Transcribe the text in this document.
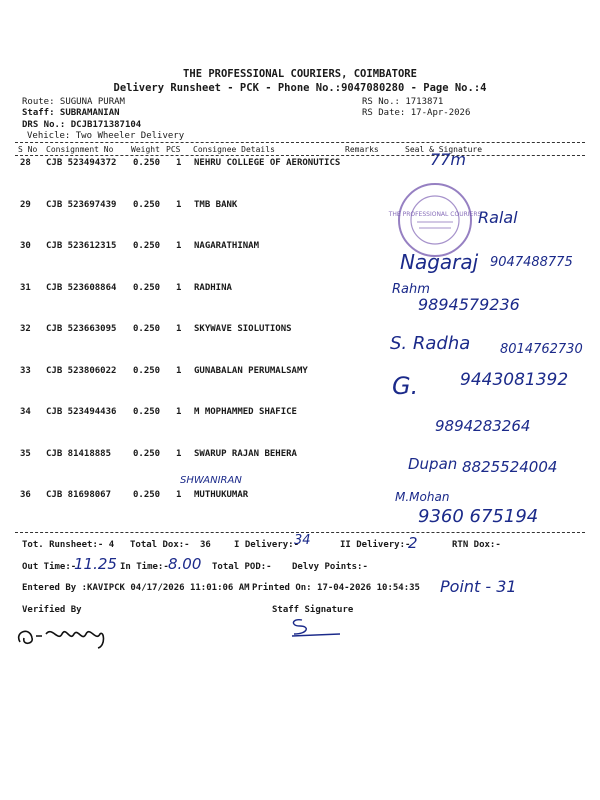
THE PROFESSIONAL COURIERS, COIMBATORE
Delivery Runsheet - PCK - Phone No.:9047080280 - Page No.:4
Route: SUGUNA PURAM
Staff: SUBRAMANIAN
DRS No.: DCJB171387104
Vehicle: Two Wheeler Delivery
RS No.: 1713871
RS Date: 17-Apr-2026
S No Consignment No Weight PCS Consignee Details	Remarks	Seal & Signature
28 CJB 523494372 0.250 1 NEHRU COLLEGE OF AERONUTICS
29 CJB 523697439 0.250 1 TMB BANK
30 CJB 523612315 0.250 1 NAGARATHINAM
31 CJB 523608864 0.250 1 RADHINA
32 CJB 523663095 0.250 1 SKYWAVE SIOLUTIONS
33 CJB 523806022 0.250 1 GUNABALAN PERUMALSAMY
34 CJB 523494436 0.250 1 M MOPHAMMED SHAFICE
35 CJB 81418885 0.250 1 SWARUP RAJAN BEHERA
36 CJB 81698067 0.250 1 MUTHUKUMAR
THE PROFESSIONAL COURIERS
77m
Ralal
Nagaraj 9047488775
Rahm
9894579236
S. Radha 8014762730
G. 9443081392
9894283264
Dupan 8825524004
SHWANIRAN
M.Mohan
9360 675194
Tot. Runsheet:- 4 Total Dox:- 36	I Delivery:-
34	II Delivery:-
2	RTN Dox:-
Out Time:-
11.25 In Time:- 8.00 Total POD:- Delvy Points:-
Entered By :KAVIPCK 04/17/2026 11:01:06 AM Printed On: 17-04-2026 10:54:35 Point - 31
Verified By	Staff Signature
